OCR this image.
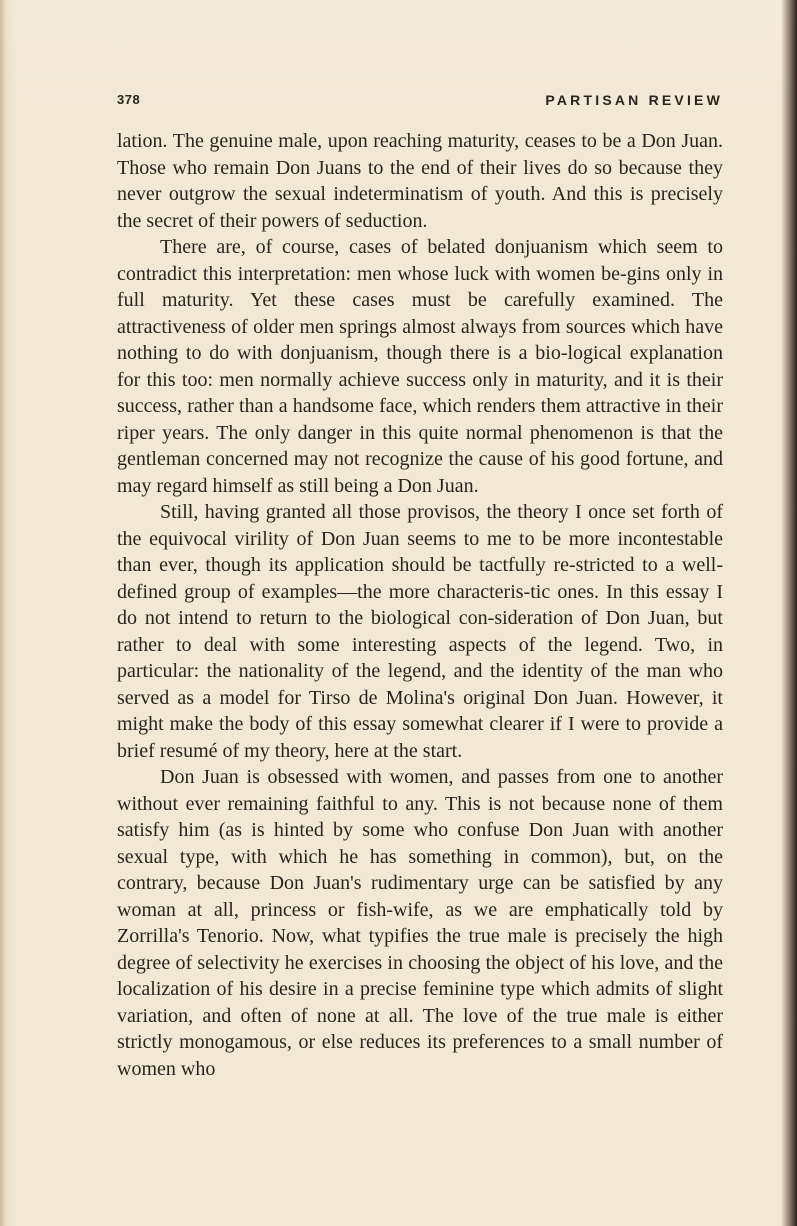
378	PARTISAN REVIEW

lation. The genuine male, upon reaching maturity, ceases to be a Don Juan. Those who remain Don Juans to the end of their lives do so because they never outgrow the sexual indeterminatism of youth. And this is precisely the secret of their powers of seduction.

There are, of course, cases of belated donjuanism which seem to contradict this interpretation: men whose luck with women be-gins only in full maturity. Yet these cases must be carefully examined. The attractiveness of older men springs almost always from sources which have nothing to do with donjuanism, though there is a bio-logical explanation for this too: men normally achieve success only in maturity, and it is their success, rather than a handsome face, which renders them attractive in their riper years. The only danger in this quite normal phenomenon is that the gentleman concerned may not recognize the cause of his good fortune, and may regard himself as still being a Don Juan.

Still, having granted all those provisos, the theory I once set forth of the equivocal virility of Don Juan seems to me to be more incontestable than ever, though its application should be tactfully re-stricted to a well-defined group of examples—the more characteris-tic ones. In this essay I do not intend to return to the biological con-sideration of Don Juan, but rather to deal with some interesting aspects of the legend. Two, in particular: the nationality of the legend, and the identity of the man who served as a model for Tirso de Molina's original Don Juan. However, it might make the body of this essay somewhat clearer if I were to provide a brief resumé of my theory, here at the start.

Don Juan is obsessed with women, and passes from one to another without ever remaining faithful to any. This is not because none of them satisfy him (as is hinted by some who confuse Don Juan with another sexual type, with which he has something in common), but, on the contrary, because Don Juan's rudimentary urge can be satisfied by any woman at all, princess or fish-wife, as we are emphatically told by Zorrilla's Tenorio. Now, what typifies the true male is precisely the high degree of selectivity he exercises in choosing the object of his love, and the localization of his desire in a precise feminine type which admits of slight variation, and often of none at all. The love of the true male is either strictly monogamous, or else reduces its preferences to a small number of women who
